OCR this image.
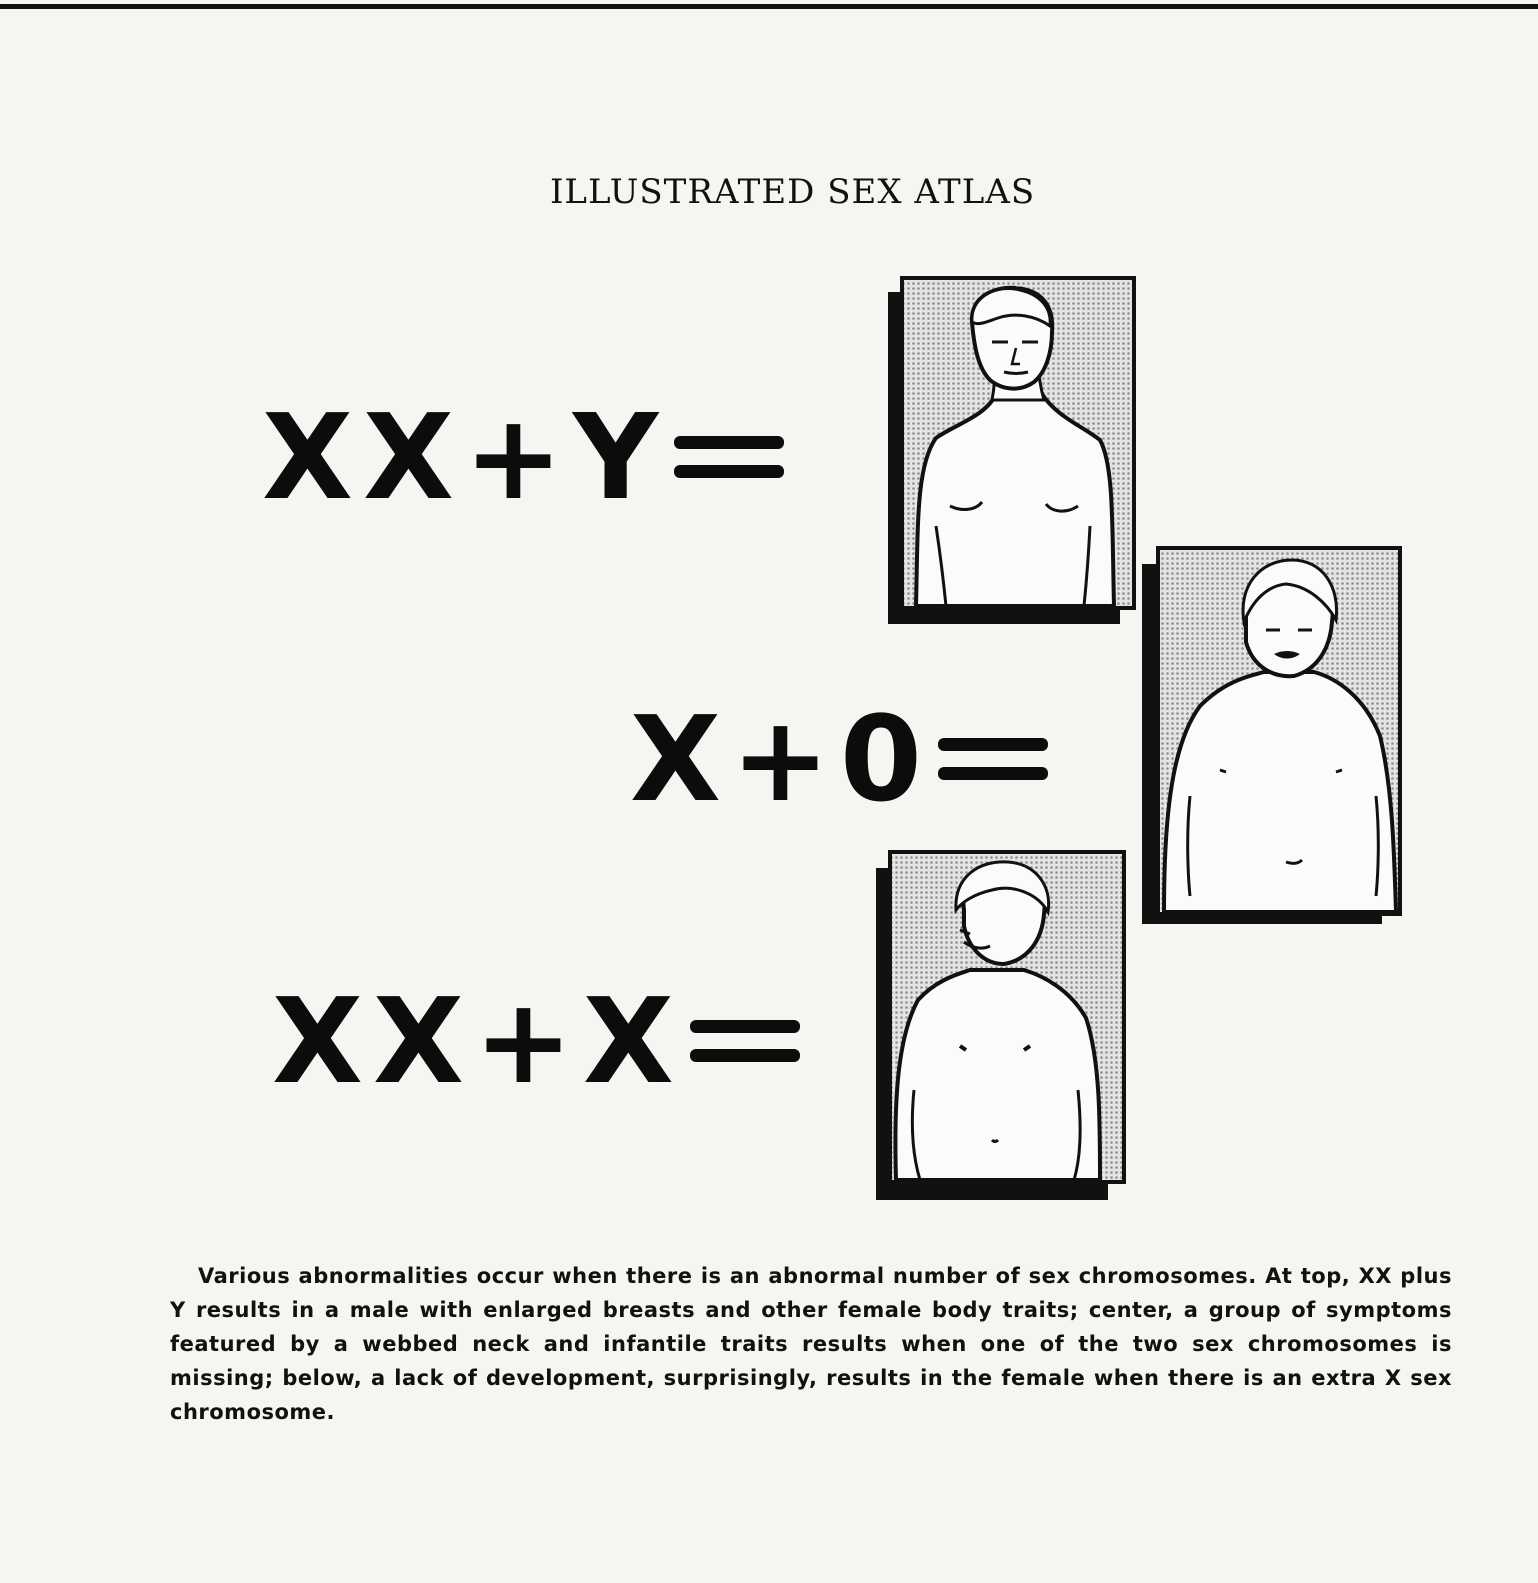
ILLUSTRATED SEX ATLAS
X X + Y
X + 0
X X + X

Various abnormalities occur when there is an abnormal number of sex chromosomes. At top, XX plus Y results in a male with enlarged breasts and other female body traits; center, a group of symptoms featured by a webbed neck and infantile traits results when one of the two sex chromosomes is missing; below, a lack of development, surprisingly, results in the female when there is an extra X sex chromosome.
